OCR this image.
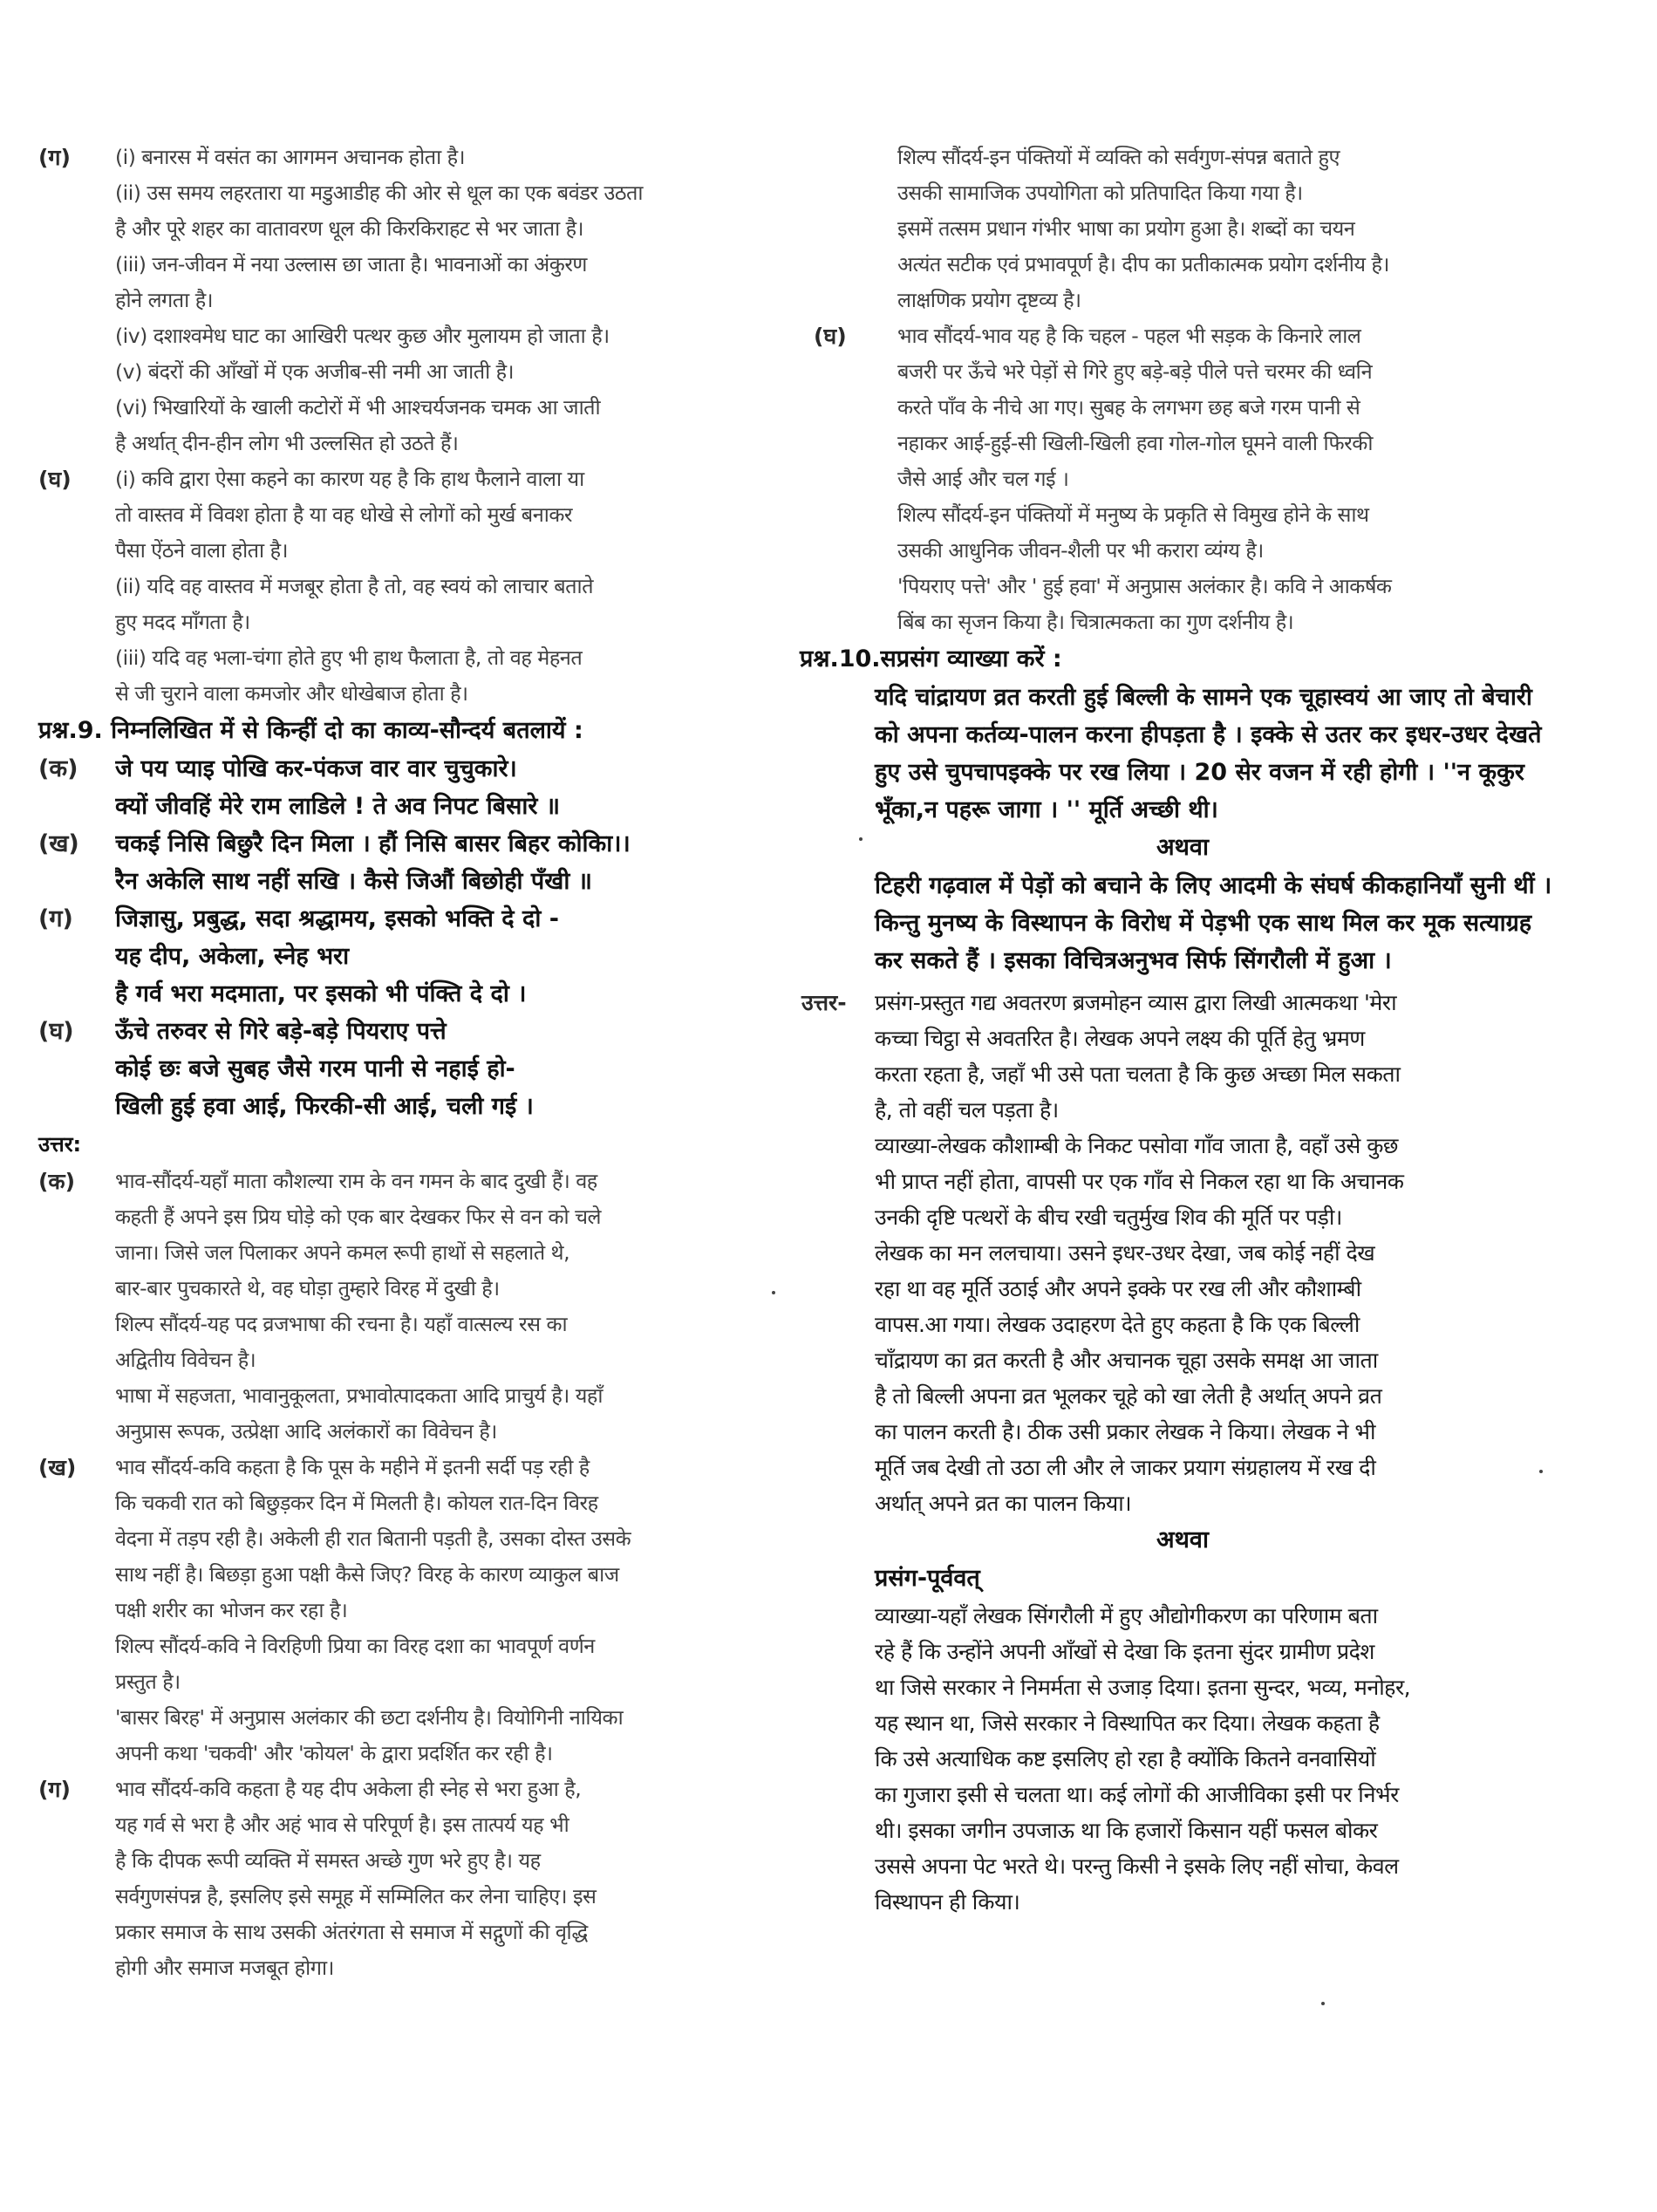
(ग) (i) बनारस में वसंत का आगमन अचानक होता है।
(ii) उस समय लहरतारा या मडुआडीह की ओर से धूल का एक बवंडर उठता
है और पूरे शहर का वातावरण धूल की किरकिराहट से भर जाता है।
(iii) जन-जीवन में नया उल्लास छा जाता है। भावनाओं का अंकुरण
होने लगता है।
(iv) दशाश्वमेध घाट का आखिरी पत्थर कुछ और मुलायम हो जाता है।
(v) बंदरों की आँखों में एक अजीब-सी नमी आ जाती है।
(vi) भिखारियों के खाली कटोरों में भी आश्चर्यजनक चमक आ जाती
है अर्थात् दीन-हीन लोग भी उल्लसित हो उठते हैं।
(घ) (i) कवि द्वारा ऐसा कहने का कारण यह है कि हाथ फैलाने वाला या
तो वास्तव में विवश होता है या वह धोखे से लोगों को मुर्ख बनाकर
पैसा ऐंठने वाला होता है।
(ii) यदि वह वास्तव में मजबूर होता है तो, वह स्वयं को लाचार बताते
हुए मदद माँगता है।
(iii) यदि वह भला-चंगा होते हुए भी हाथ फैलाता है, तो वह मेहनत
से जी चुराने वाला कमजोर और धोखेबाज होता है।
प्रश्न.9. निम्नलिखित में से किन्हीं दो का काव्य-सौन्दर्य बतलायें :
(क) जे पय प्याइ पोखि कर-पंकज वार वार चुचुकारे।
क्यों जीवहिं मेरे राम लाडिले ! ते अव निपट बिसारे ॥
(ख) चकई निसि बिछुरै दिन मिला । हौं निसि बासर बिहर कोकिा।।
रैन अकेलि साथ नहीं सखि । कैसे जिऔं बिछोही पँखी ॥
(ग) जिज्ञासु, प्रबुद्ध, सदा श्रद्धामय, इसको भक्ति दे दो -
यह दीप, अकेला, स्नेह भरा
है गर्व भरा मदमाता, पर इसको भी पंक्ति दे दो ।
(घ) ऊँचे तरुवर से गिरे बड़े-बड़े पियराए पत्ते
कोई छः बजे सुबह जैसे गरम पानी से नहाई हो-
खिली हुई हवा आई, फिरकी-सी आई, चली गई ।
उत्तर:
(क) भाव-सौंदर्य-यहाँ माता कौशल्या राम के वन गमन के बाद दुखी हैं। वह
कहती हैं अपने इस प्रिय घोड़े को एक बार देखकर फिर से वन को चले
जाना। जिसे जल पिलाकर अपने कमल रूपी हाथों से सहलाते थे,
बार-बार पुचकारते थे, वह घोड़ा तुम्हारे विरह में दुखी है।
शिल्प सौंदर्य-यह पद व्रजभाषा की रचना है। यहाँ वात्सल्य रस का
अद्वितीय विवेचन है।
भाषा में सहजता, भावानुकूलता, प्रभावोत्पादकता आदि प्राचुर्य है। यहाँ
अनुप्रास रूपक, उत्प्रेक्षा आदि अलंकारों का विवेचन है।
(ख) भाव सौंदर्य-कवि कहता है कि पूस के महीने में इतनी सर्दी पड़ रही है
कि चकवी रात को बिछुड़कर दिन में मिलती है। कोयल रात-दिन विरह
वेदना में तड़प रही है। अकेली ही रात बितानी पड़ती है, उसका दोस्त उसके
साथ नहीं है। बिछड़ा हुआ पक्षी कैसे जिए? विरह के कारण व्याकुल बाज
पक्षी शरीर का भोजन कर रहा है।
शिल्प सौंदर्य-कवि ने विरहिणी प्रिया का विरह दशा का भावपूर्ण वर्णन
प्रस्तुत है।
'बासर बिरह' में अनुप्रास अलंकार की छटा दर्शनीय है। वियोगिनी नायिका
अपनी कथा 'चकवी' और 'कोयल' के द्वारा प्रदर्शित कर रही है।
(ग) भाव सौंदर्य-कवि कहता है यह दीप अकेला ही स्नेह से भरा हुआ है,
यह गर्व से भरा है और अहं भाव से परिपूर्ण है। इस तात्पर्य यह भी
है कि दीपक रूपी व्यक्ति में समस्त अच्छे गुण भरे हुए है। यह
सर्वगुणसंपन्न है, इसलिए इसे समूह में सम्मिलित कर लेना चाहिए। इस
प्रकार समाज के साथ उसकी अंतरंगता से समाज में सद्गुणों की वृद्धि
होगी और समाज मजबूत होगा।
शिल्प सौंदर्य-इन पंक्तियों में व्यक्ति को सर्वगुण-संपन्न बताते हुए
उसकी सामाजिक उपयोगिता को प्रतिपादित किया गया है।
इसमें तत्सम प्रधान गंभीर भाषा का प्रयोग हुआ है। शब्दों का चयन
अत्यंत सटीक एवं प्रभावपूर्ण है। दीप का प्रतीकात्मक प्रयोग दर्शनीय है।
लाक्षणिक प्रयोग दृष्टव्य है।
(घ) भाव सौंदर्य-भाव यह है कि चहल - पहल भी सड़क के किनारे लाल
बजरी पर ऊँचे भरे पेड़ों से गिरे हुए बड़े-बड़े पीले पत्ते चरमर की ध्वनि
करते पाँव के नीचे आ गए। सुबह के लगभग छह बजे गरम पानी से
नहाकर आई-हुई-सी खिली-खिली हवा गोल-गोल घूमने वाली फिरकी
जैसे आई और चल गई ।
शिल्प सौंदर्य-इन पंक्तियों में मनुष्य के प्रकृति से विमुख होने के साथ
उसकी आधुनिक जीवन-शैली पर भी करारा व्यंग्य है।
'पियराए पत्ते' और ' हुई हवा' में अनुप्रास अलंकार है। कवि ने आकर्षक
बिंब का सृजन किया है। चित्रात्मकता का गुण दर्शनीय है।
प्रश्न.10.सप्रसंग व्याख्या करें :
यदि चांद्रायण व्रत करती हुई बिल्ली के सामने एक चूहास्वयं आ जाए तो बेचारी को अपना कर्तव्य-पालन करना हीपड़ता है । इक्के से उतर कर इधर-उधर देखते हुए उसे चुपचापइक्के पर रख लिया । 20 सेर वजन में रही होगी । ''न कूकुर भूँका,न पहरू जागा । '' मूर्ति अच्छी थी।
अथवा
टिहरी गढ़वाल में पेड़ों को बचाने के लिए आदमी के संघर्ष कीकहानियाँ सुनी थीं । किन्तु मुनष्य के विस्थापन के विरोध में पेड़भी एक साथ मिल कर मूक सत्याग्रह कर सकते हैं । इसका विचित्रअनुभव सिर्फ सिंगरौली में हुआ ।
उत्तर- प्रसंग-प्रस्तुत गद्य अवतरण ब्रजमोहन व्यास द्वारा लिखी आत्मकथा 'मेरा
कच्चा चिट्ठा से अवतरित है। लेखक अपने लक्ष्य की पूर्ति हेतु भ्रमण
करता रहता है, जहाँ भी उसे पता चलता है कि कुछ अच्छा मिल सकता
है, तो वहीं चल पड़ता है।
व्याख्या-लेखक कौशाम्बी के निकट पसोवा गाँव जाता है, वहाँ उसे कुछ
भी प्राप्त नहीं होता, वापसी पर एक गाँव से निकल रहा था कि अचानक
उनकी दृष्टि पत्थरों के बीच रखी चतुर्मुख शिव की मूर्ति पर पड़ी।
लेखक का मन ललचाया। उसने इधर-उधर देखा, जब कोई नहीं देख
रहा था वह मूर्ति उठाई और अपने इक्के पर रख ली और कौशाम्बी
वापस.आ गया। लेखक उदाहरण देते हुए कहता है कि एक बिल्ली
चाँद्रायण का व्रत करती है और अचानक चूहा उसके समक्ष आ जाता
है तो बिल्ली अपना व्रत भूलकर चूहे को खा लेती है अर्थात् अपने व्रत
का पालन करती है। ठीक उसी प्रकार लेखक ने किया। लेखक ने भी
मूर्ति जब देखी तो उठा ली और ले जाकर प्रयाग संग्रहालय में रख दी
अर्थात् अपने व्रत का पालन किया।
अथवा
प्रसंग-पूर्ववत्
व्याख्या-यहाँ लेखक सिंगरौली में हुए औद्योगीकरण का परिणाम बता
रहे हैं कि उन्होंने अपनी आँखों से देखा कि इतना सुंदर ग्रामीण प्रदेश
था जिसे सरकार ने निमर्मता से उजाड़ दिया। इतना सुन्दर, भव्य, मनोहर,
यह स्थान था, जिसे सरकार ने विस्थापित कर दिया। लेखक कहता है
कि उसे अत्याधिक कष्ट इसलिए हो रहा है क्योंकि कितने वनवासियों
का गुजारा इसी से चलता था। कई लोगों की आजीविका इसी पर निर्भर
थी। इसका जगीन उपजाऊ था कि हजारों किसान यहीं फसल बोकर
उससे अपना पेट भरते थे। परन्तु किसी ने इसके लिए नहीं सोचा, केवल
विस्थापन ही किया।
